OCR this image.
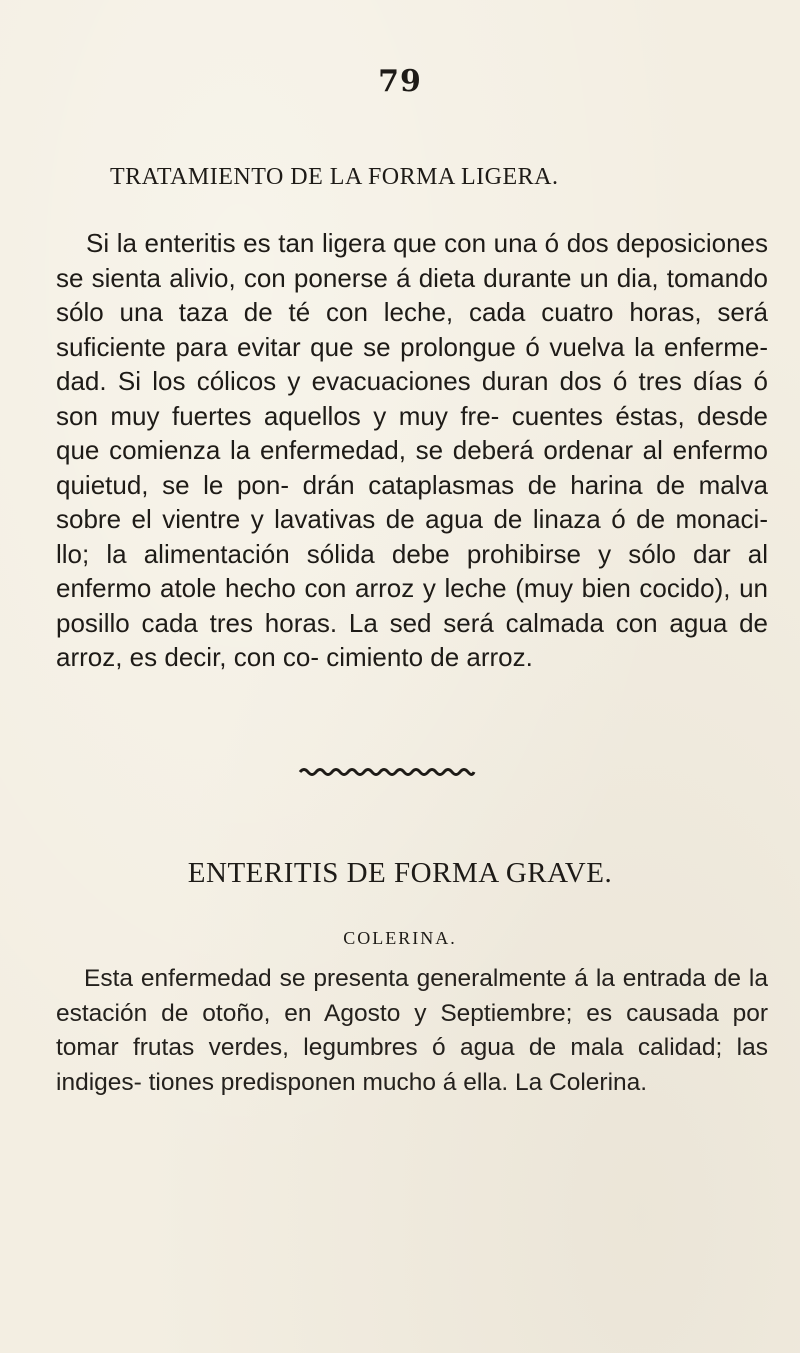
79
TRATAMIENTO DE LA FORMA LIGERA.

Si la enteritis es tan ligera que con una ó dos deposiciones se sienta alivio, con ponerse á dieta durante un dia, tomando sólo una taza de té con leche, cada cuatro horas, será suficiente para evitar que se prolongue ó vuelva la enferme- dad. Si los cólicos y evacuaciones duran dos ó tres días ó son muy fuertes aquellos y muy fre- cuentes éstas, desde que comienza la enfermedad, se deberá ordenar al enfermo quietud, se le pon- drán cataplasmas de harina de malva sobre el vientre y lavativas de agua de linaza ó de monaci- llo; la alimentación sólida debe prohibirse y sólo dar al enfermo atole hecho con arroz y leche (muy bien cocido), un posillo cada tres horas. La sed será calmada con agua de arroz, es decir, con co- cimiento de arroz.

ENTERITIS DE FORMA GRAVE.
COLERINA.

Esta enfermedad se presenta generalmente á la entrada de la estación de otoño, en Agosto y Septiembre; es causada por tomar frutas verdes, legumbres ó agua de mala calidad; las indiges- tiones predisponen mucho á ella. La Colerina.
